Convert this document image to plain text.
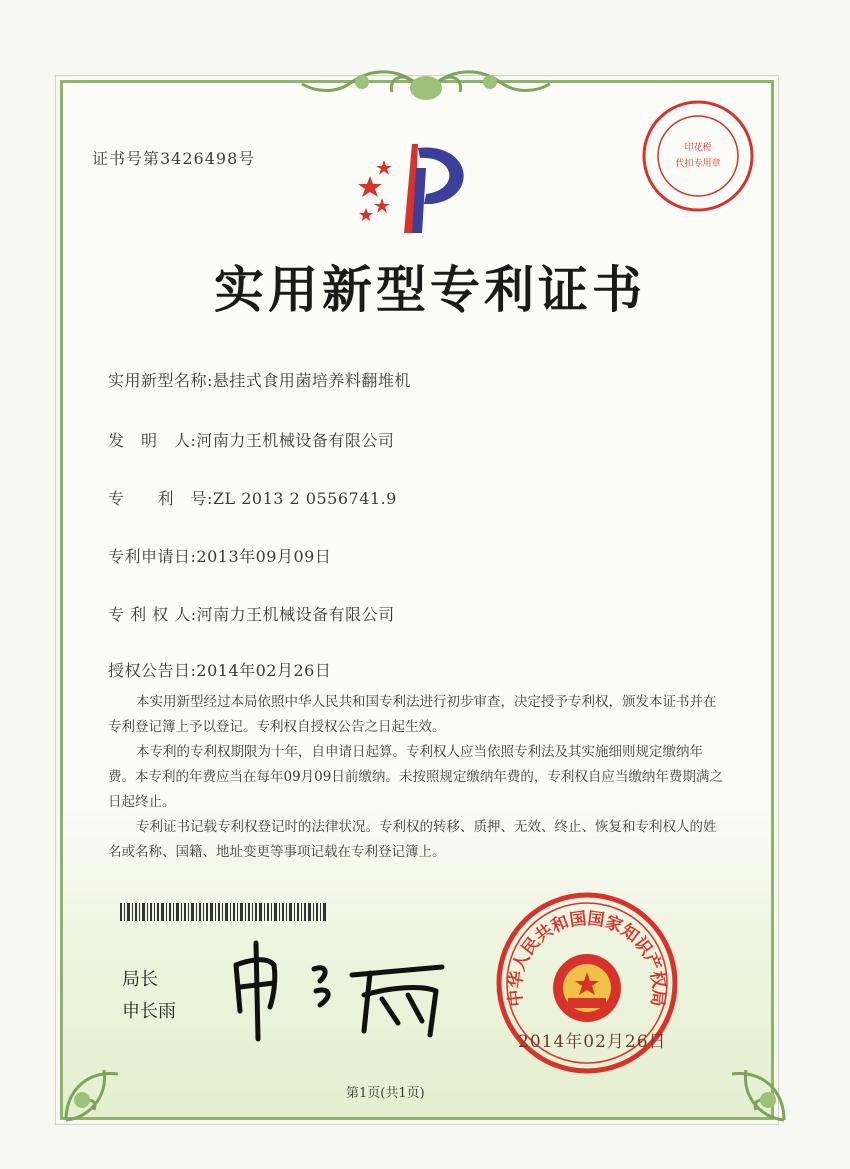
证书号第3426498号
印花税
代扣专用章
实用新型专利证书
实用新型名称:悬挂式食用菌培养料翻堆机
发　明　人:河南力王机械设备有限公司
专　　利　号:ZL 2013 2 0556741.9
专利申请日:2013年09月09日
专 利 权 人:河南力王机械设备有限公司
授权公告日:2014年02月26日

本实用新型经过本局依照中华人民共和国专利法进行初步审查，决定授予专利权，颁发本证书并在专利登记簿上予以登记。专利权自授权公告之日起生效。

本专利的专利权期限为十年，自申请日起算。专利权人应当依照专利法及其实施细则规定缴纳年费。本专利的年费应当在每年09月09日前缴纳。未按照规定缴纳年费的，专利权自应当缴纳年费期满之日起终止。

专利证书记载专利权登记时的法律状况。专利权的转移、质押、无效、终止、恢复和专利权人的姓名或名称、国籍、地址变更等事项记载在专利登记簿上。

局长
申长雨
中华人民共和国国家知识产权局
2014年02月26日
第1页(共1页)
